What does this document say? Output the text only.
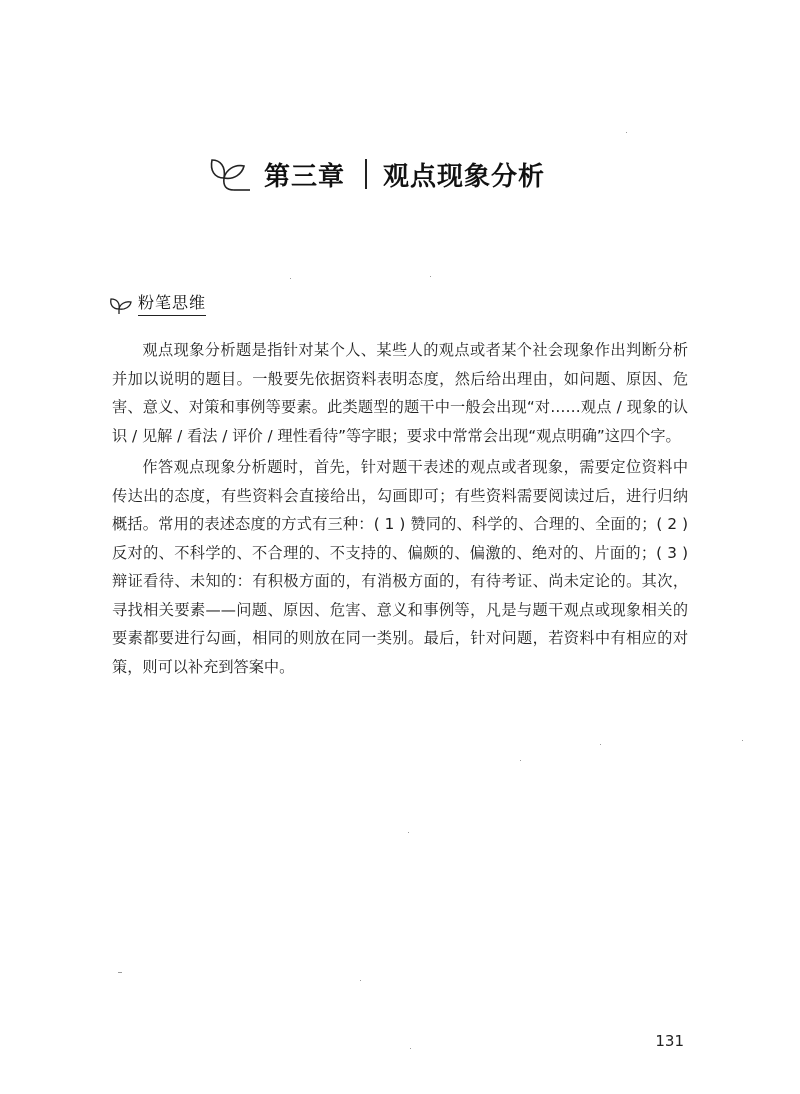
第三章 观点现象分析
粉笔思维

观点现象分析题是指针对某个人、某些人的观点或者某个社会现象作出判断分析并加以说明的题目。一般要先依据资料表明态度，然后给出理由，如问题、原因、危害、意义、对策和事例等要素。此类题型的题干中一般会出现“对……观点 / 现象的认识 / 见解 / 看法 / 评价 / 理性看待”等字眼；要求中常常会出现“观点明确”这四个字。

作答观点现象分析题时，首先，针对题干表述的观点或者现象，需要定位资料中传达出的态度，有些资料会直接给出，勾画即可；有些资料需要阅读过后，进行归纳概括。常用的表述态度的方式有三种：( 1 ) 赞同的、科学的、合理的、全面的；( 2 ) 反对的、不科学的、不合理的、不支持的、偏颇的、偏激的、绝对的、片面的；( 3 ) 辩证看待、未知的：有积极方面的，有消极方面的，有待考证、尚未定论的。其次，寻找相关要素——问题、原因、危害、意义和事例等，凡是与题干观点或现象相关的要素都要进行勾画，相同的则放在同一类别。最后，针对问题，若资料中有相应的对策，则可以补充到答案中。

131
